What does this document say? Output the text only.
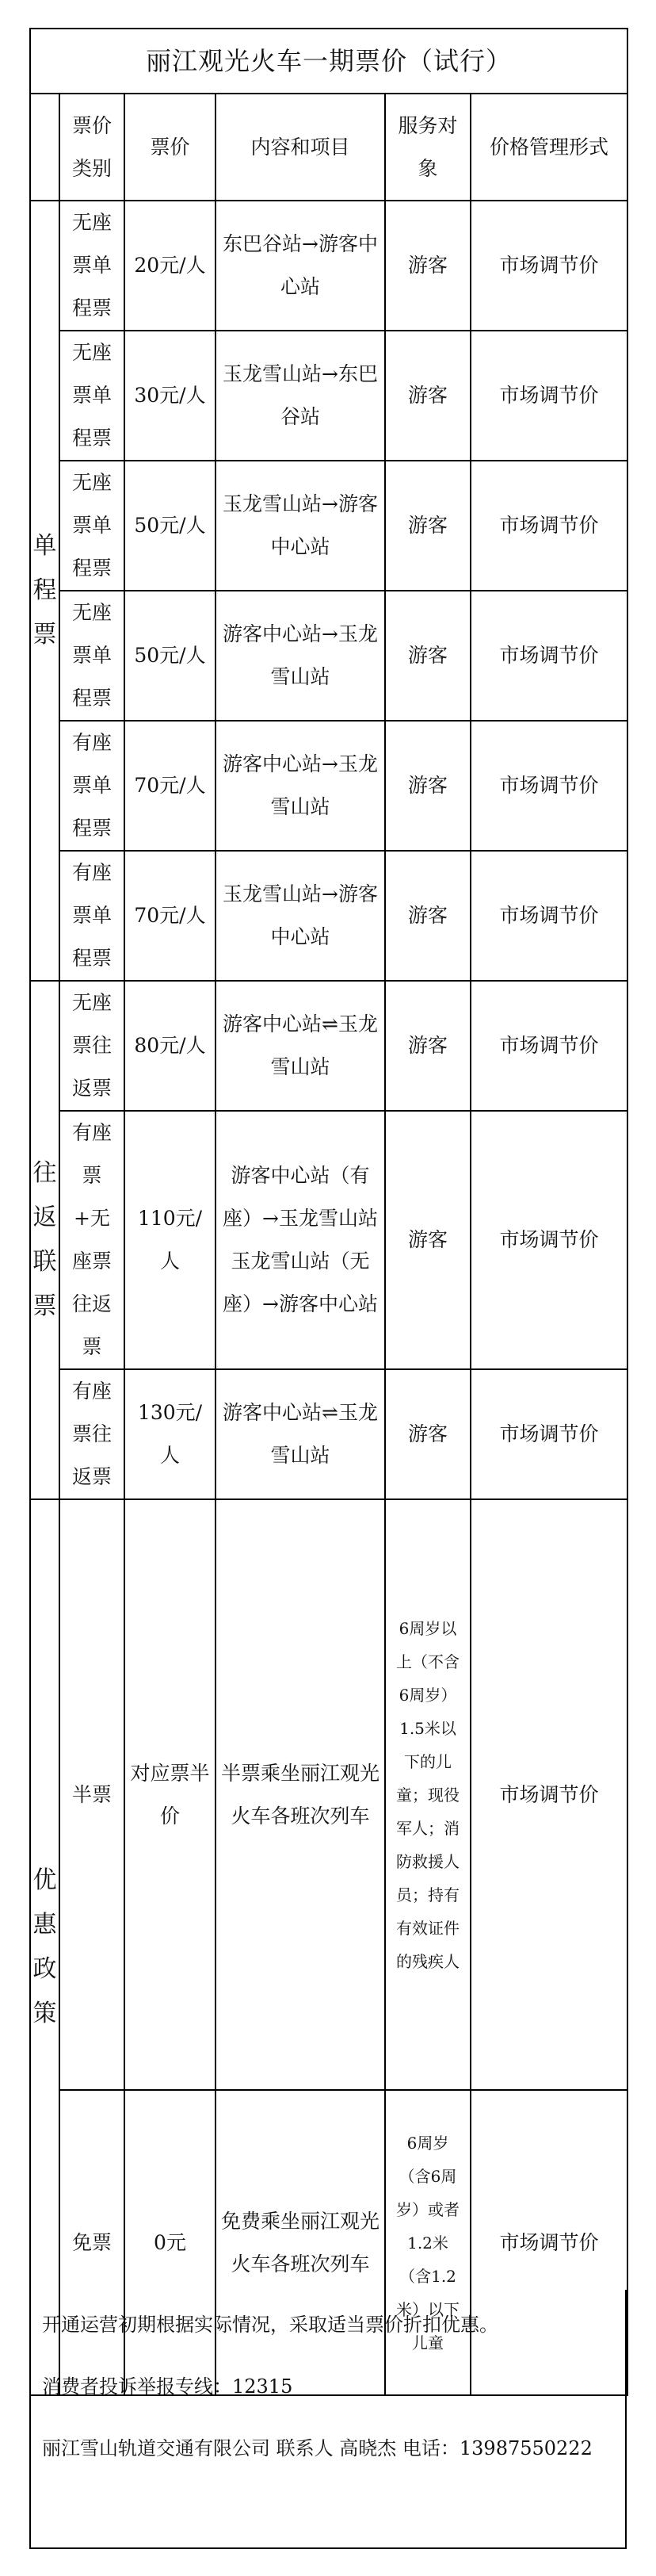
丽江观光火车一期票价（试行）					
	票价 类别	票价	内容和项目	服务对象	价格管理形式
单程票	无座票单程票	20元/人	东巴谷站→游客中心站	游客	市场调节价
	无座票单程票	30元/人	玉龙雪山站→东巴谷站	游客	市场调节价
	无座票单程票	50元/人	玉龙雪山站→游客中心站	游客	市场调节价
	无座票单程票	50元/人	游客中心站→玉龙雪山站	游客	市场调节价
	有座票单程票	70元/人	游客中心站→玉龙雪山站	游客	市场调节价
	有座票单程票	70元/人	玉龙雪山站→游客中心站	游客	市场调节价
往返联票	无座票往返票	80元/人	游客中心站⇌玉龙雪山站	游客	市场调节价
	有座票+无座票往返票	110元/人	游客中心站（有座）→玉龙雪山站 玉龙雪山站（无座）→游客中心站	游客	市场调节价
	有座票往返票	130元/人	游客中心站⇌玉龙雪山站	游客	市场调节价
优惠政策	半票	对应票半价	半票乘坐丽江观光火车各班次列车	6周岁以上（不含6周岁）1.5米以下的儿童；现役军人；消防救援人员；持有有效证件的残疾人	市场调节价
	免票	0元	免费乘坐丽江观光火车各班次列车	6周岁（含6周岁）或者1.2米（含1.2米）以下儿童	市场调节价

开通运营初期根据实际情况，采取适当票价折扣优惠。

消费者投诉举报专线：12315

丽江雪山轨道交通有限公司 联系人 高晓杰 电话：13987550222
